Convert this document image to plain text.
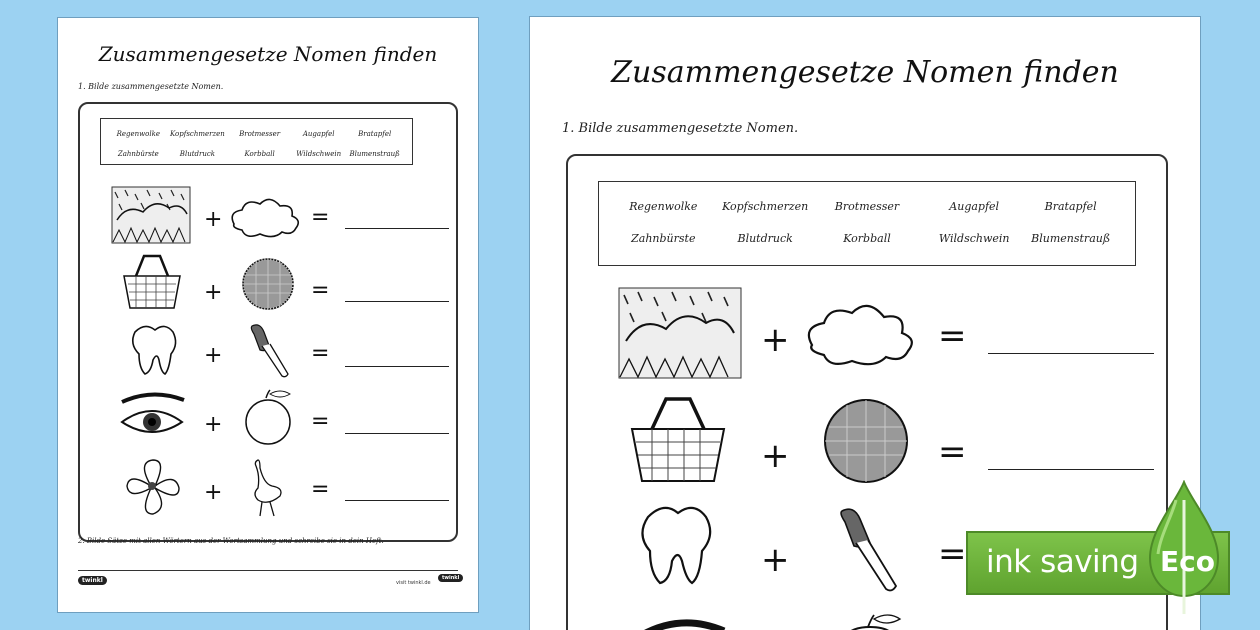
Zusammengesetze Nomen finden
1. Bilde zusammengesetzte Nomen.
Regenwolke Kopfschmerzen Brotmesser	Augapfel	Bratapfel
Zahnbürste	Blutdruck	Korbball	Wildschwein Blumenstrauß
+	=
+	=
+	=
+	=
+	=
2. Bilde Sätze mit allen Wörtern aus der Wortsammlung und schreibe sie in dein Heft.
twinkl	visit twinkl.de
twinkl
Zusammengesetze Nomen finden
1. Bilde zusammengesetzte Nomen.
Regenwolke Kopfschmerzen Brotmesser	Augapfel	Bratapfel
Zahnbürste	Blutdruck	Korbball	Wildschwein Blumenstrauß
+	=
+	=
+	= ink saving Eco
